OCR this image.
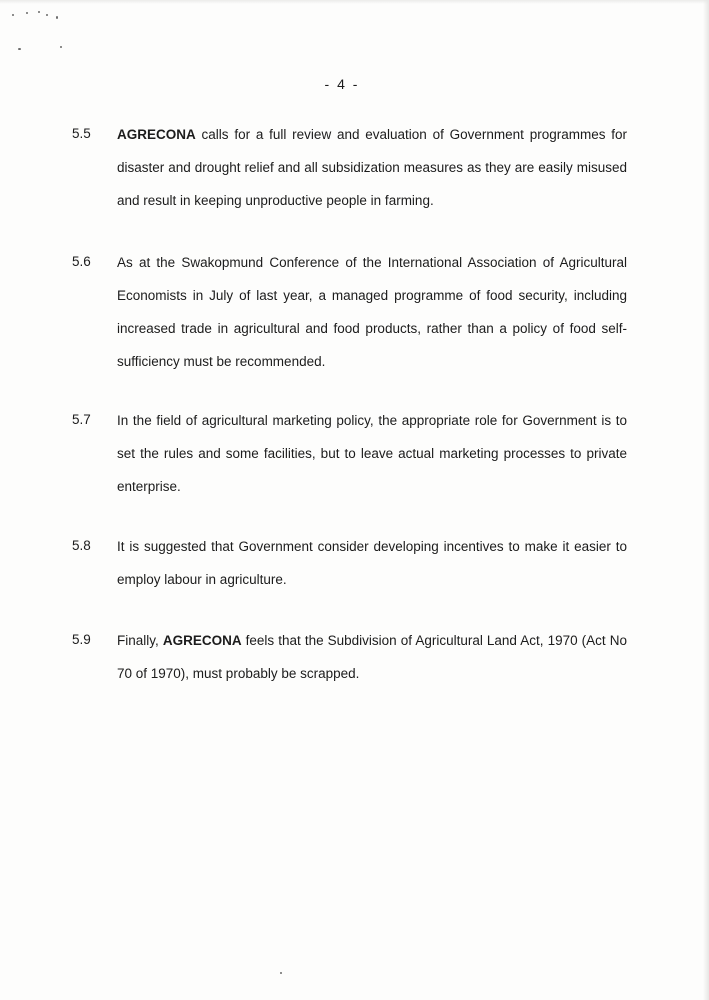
- 4 -
5.5 AGRECONA calls for a full review and evaluation of Government programmes for disaster and drought relief and all subsidization measures as they are easily misused and result in keeping unproductive people in farming.
5.6 As at the Swakopmund Conference of the International Association of Agricultural Economists in July of last year, a managed programme of food security, including increased trade in agricultural and food products, rather than a policy of food self-sufficiency must be recommended.
5.7 In the field of agricultural marketing policy, the appropriate role for Government is to set the rules and some facilities, but to leave actual marketing processes to private enterprise.
5.8 It is suggested that Government consider developing incentives to make it easier to employ labour in agriculture.
5.9 Finally, AGRECONA feels that the Subdivision of Agricultural Land Act, 1970 (Act No 70 of 1970), must probably be scrapped.
